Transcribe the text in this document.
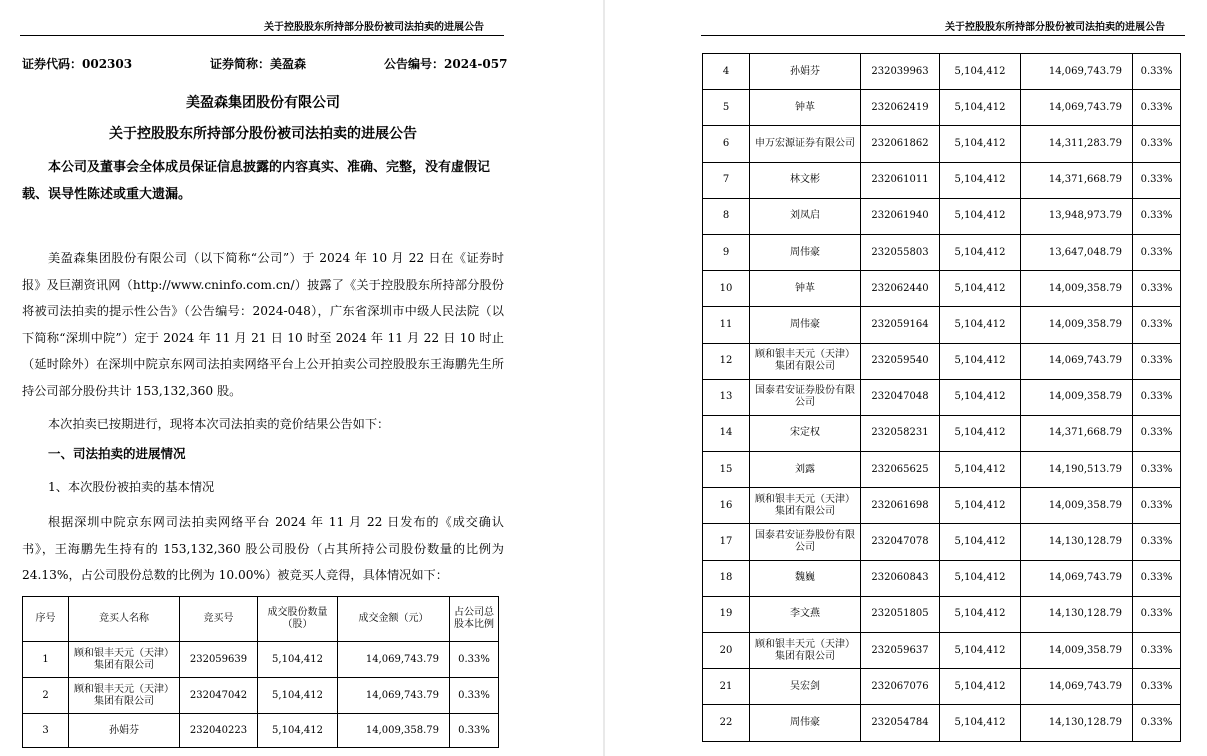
关于控股股东所持部分股份被司法拍卖的进展公告
证券代码：002303	证券简称：美盈森	公告编号：2024-057
美盈森集团股份有限公司
关于控股股东所持部分股份被司法拍卖的进展公告

本公司及董事会全体成员保证信息披露的内容真实、准确、完整，没有虚假记载、误导性陈述或重大遗漏。

美盈森集团股份有限公司（以下简称“公司”）于 2024 年 10 月 22 日在《证券时报》及巨潮资讯网（http://www.cninfo.com.cn/）披露了《关于控股股东所持部分股份将被司法拍卖的提示性公告》（公告编号：2024-048），广东省深圳市中级人民法院（以下简称“深圳中院”）定于 2024 年 11 月 21 日 10 时至 2024 年 11 月 22 日 10 时止（延时除外）在深圳中院京东网司法拍卖网络平台上公开拍卖公司控股股东王海鹏先生所持公司部分股份共计 153,132,360 股。

本次拍卖已按期进行，现将本次司法拍卖的竞价结果公告如下：

一、司法拍卖的进展情况
1、本次股份被拍卖的基本情况

根据深圳中院京东网司法拍卖网络平台 2024 年 11 月 22 日发布的《成交确认书》，王海鹏先生持有的 153,132,360 股公司股份（占其所持公司股份数量的比例为 24.13%，占公司股份总数的比例为 10.00%）被竞买人竞得，具体情况如下：

序号	竞买人名称	竞买号	成交股份数量（股）	成交金额（元）	占公司总股本比例
1	顾和银丰天元（天津）集团有限公司	232059639	5,104,412	14,069,743.79	0.33%
2	顾和银丰天元（天津）集团有限公司	232047042	5,104,412	14,069,743.79	0.33%
3	孙娟芬	232040223	5,104,412	14,009,358.79	0.33%
关于控股股东所持部分股份被司法拍卖的进展公告
4	孙娟芬	232039963	5,104,412	14,069,743.79	0.33%
5	钟革	232062419	5,104,412	14,069,743.79	0.33%
6	申万宏源证券有限公司	232061862	5,104,412	14,311,283.79	0.33%
7	林文彬	232061011	5,104,412	14,371,668.79	0.33%
8	刘凤启	232061940	5,104,412	13,948,973.79	0.33%
9	周伟豪	232055803	5,104,412	13,647,048.79	0.33%
10	钟革	232062440	5,104,412	14,009,358.79	0.33%
11	周伟豪	232059164	5,104,412	14,009,358.79	0.33%
12	顾和银丰天元（天津）集团有限公司	232059540	5,104,412	14,069,743.79	0.33%
13	国泰君安证券股份有限公司	232047048	5,104,412	14,009,358.79	0.33%
14	宋定权	232058231	5,104,412	14,371,668.79	0.33%
15	刘露	232065625	5,104,412	14,190,513.79	0.33%
16	顾和银丰天元（天津）集团有限公司	232061698	5,104,412	14,009,358.79	0.33%
17	国泰君安证券股份有限公司	232047078	5,104,412	14,130,128.79	0.33%
18	魏巍	232060843	5,104,412	14,069,743.79	0.33%
19	李文燕	232051805	5,104,412	14,130,128.79	0.33%
20	顾和银丰天元（天津）集团有限公司	232059637	5,104,412	14,009,358.79	0.33%
21	吴宏剑	232067076	5,104,412	14,069,743.79	0.33%
22	周伟豪	232054784	5,104,412	14,130,128.79	0.33%
